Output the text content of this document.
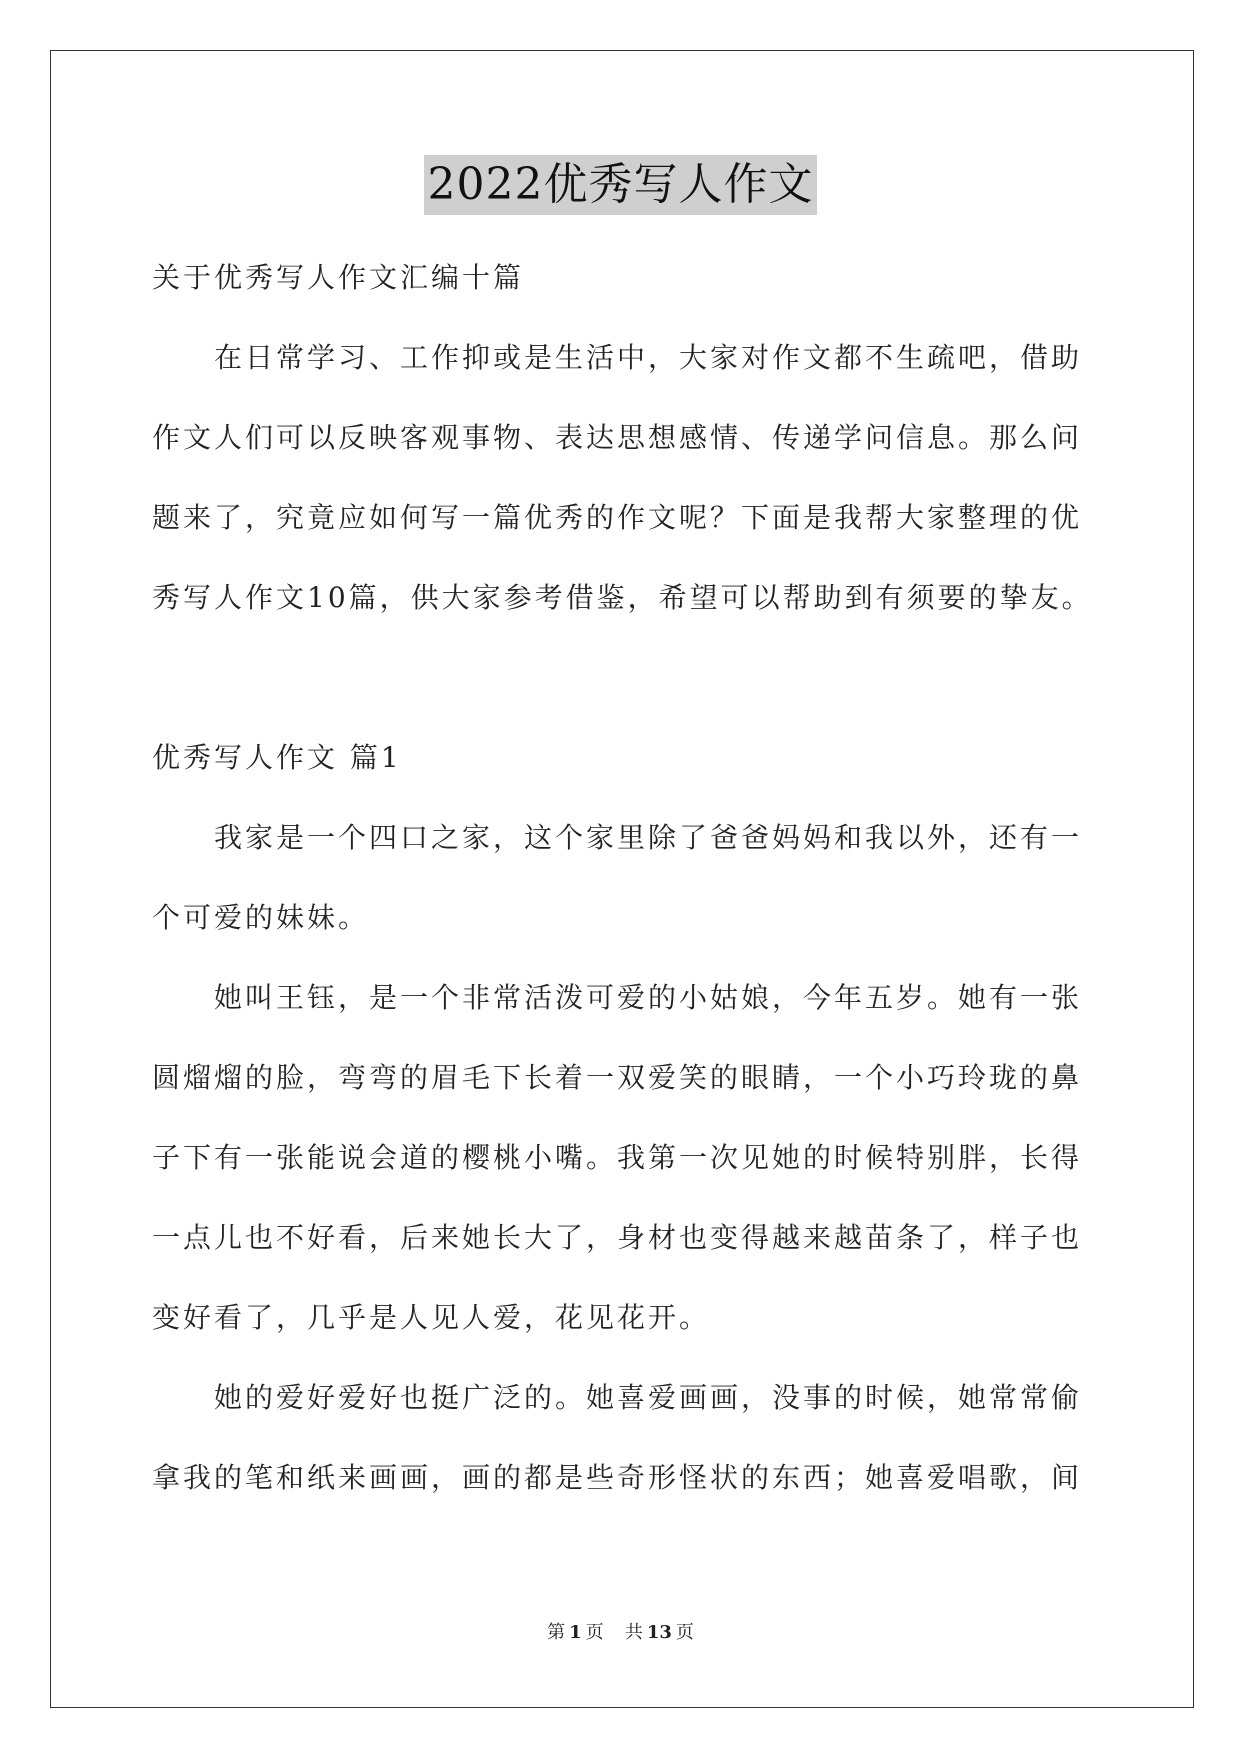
2022优秀写人作文
关于优秀写人作文汇编十篇
在日常学习、工作抑或是生活中，大家对作文都不生疏吧，借助
作文人们可以反映客观事物、表达思想感情、传递学问信息。那么问
题来了，究竟应如何写一篇优秀的作文呢？下面是我帮大家整理的优
秀写人作文10篇，供大家参考借鉴，希望可以帮助到有须要的挚友。
优秀写人作文 篇1
我家是一个四口之家，这个家里除了爸爸妈妈和我以外，还有一
个可爱的妹妹。
她叫王钰，是一个非常活泼可爱的小姑娘，今年五岁。她有一张
圆熘熘的脸，弯弯的眉毛下长着一双爱笑的眼睛，一个小巧玲珑的鼻
子下有一张能说会道的樱桃小嘴。我第一次见她的时候特别胖，长得
一点儿也不好看，后来她长大了，身材也变得越来越苗条了，样子也
变好看了，几乎是人见人爱，花见花开。
她的爱好爱好也挺广泛的。她喜爱画画，没事的时候，她常常偷
拿我的笔和纸来画画，画的都是些奇形怪状的东西；她喜爱唱歌，间
第 1 页 共 13 页
